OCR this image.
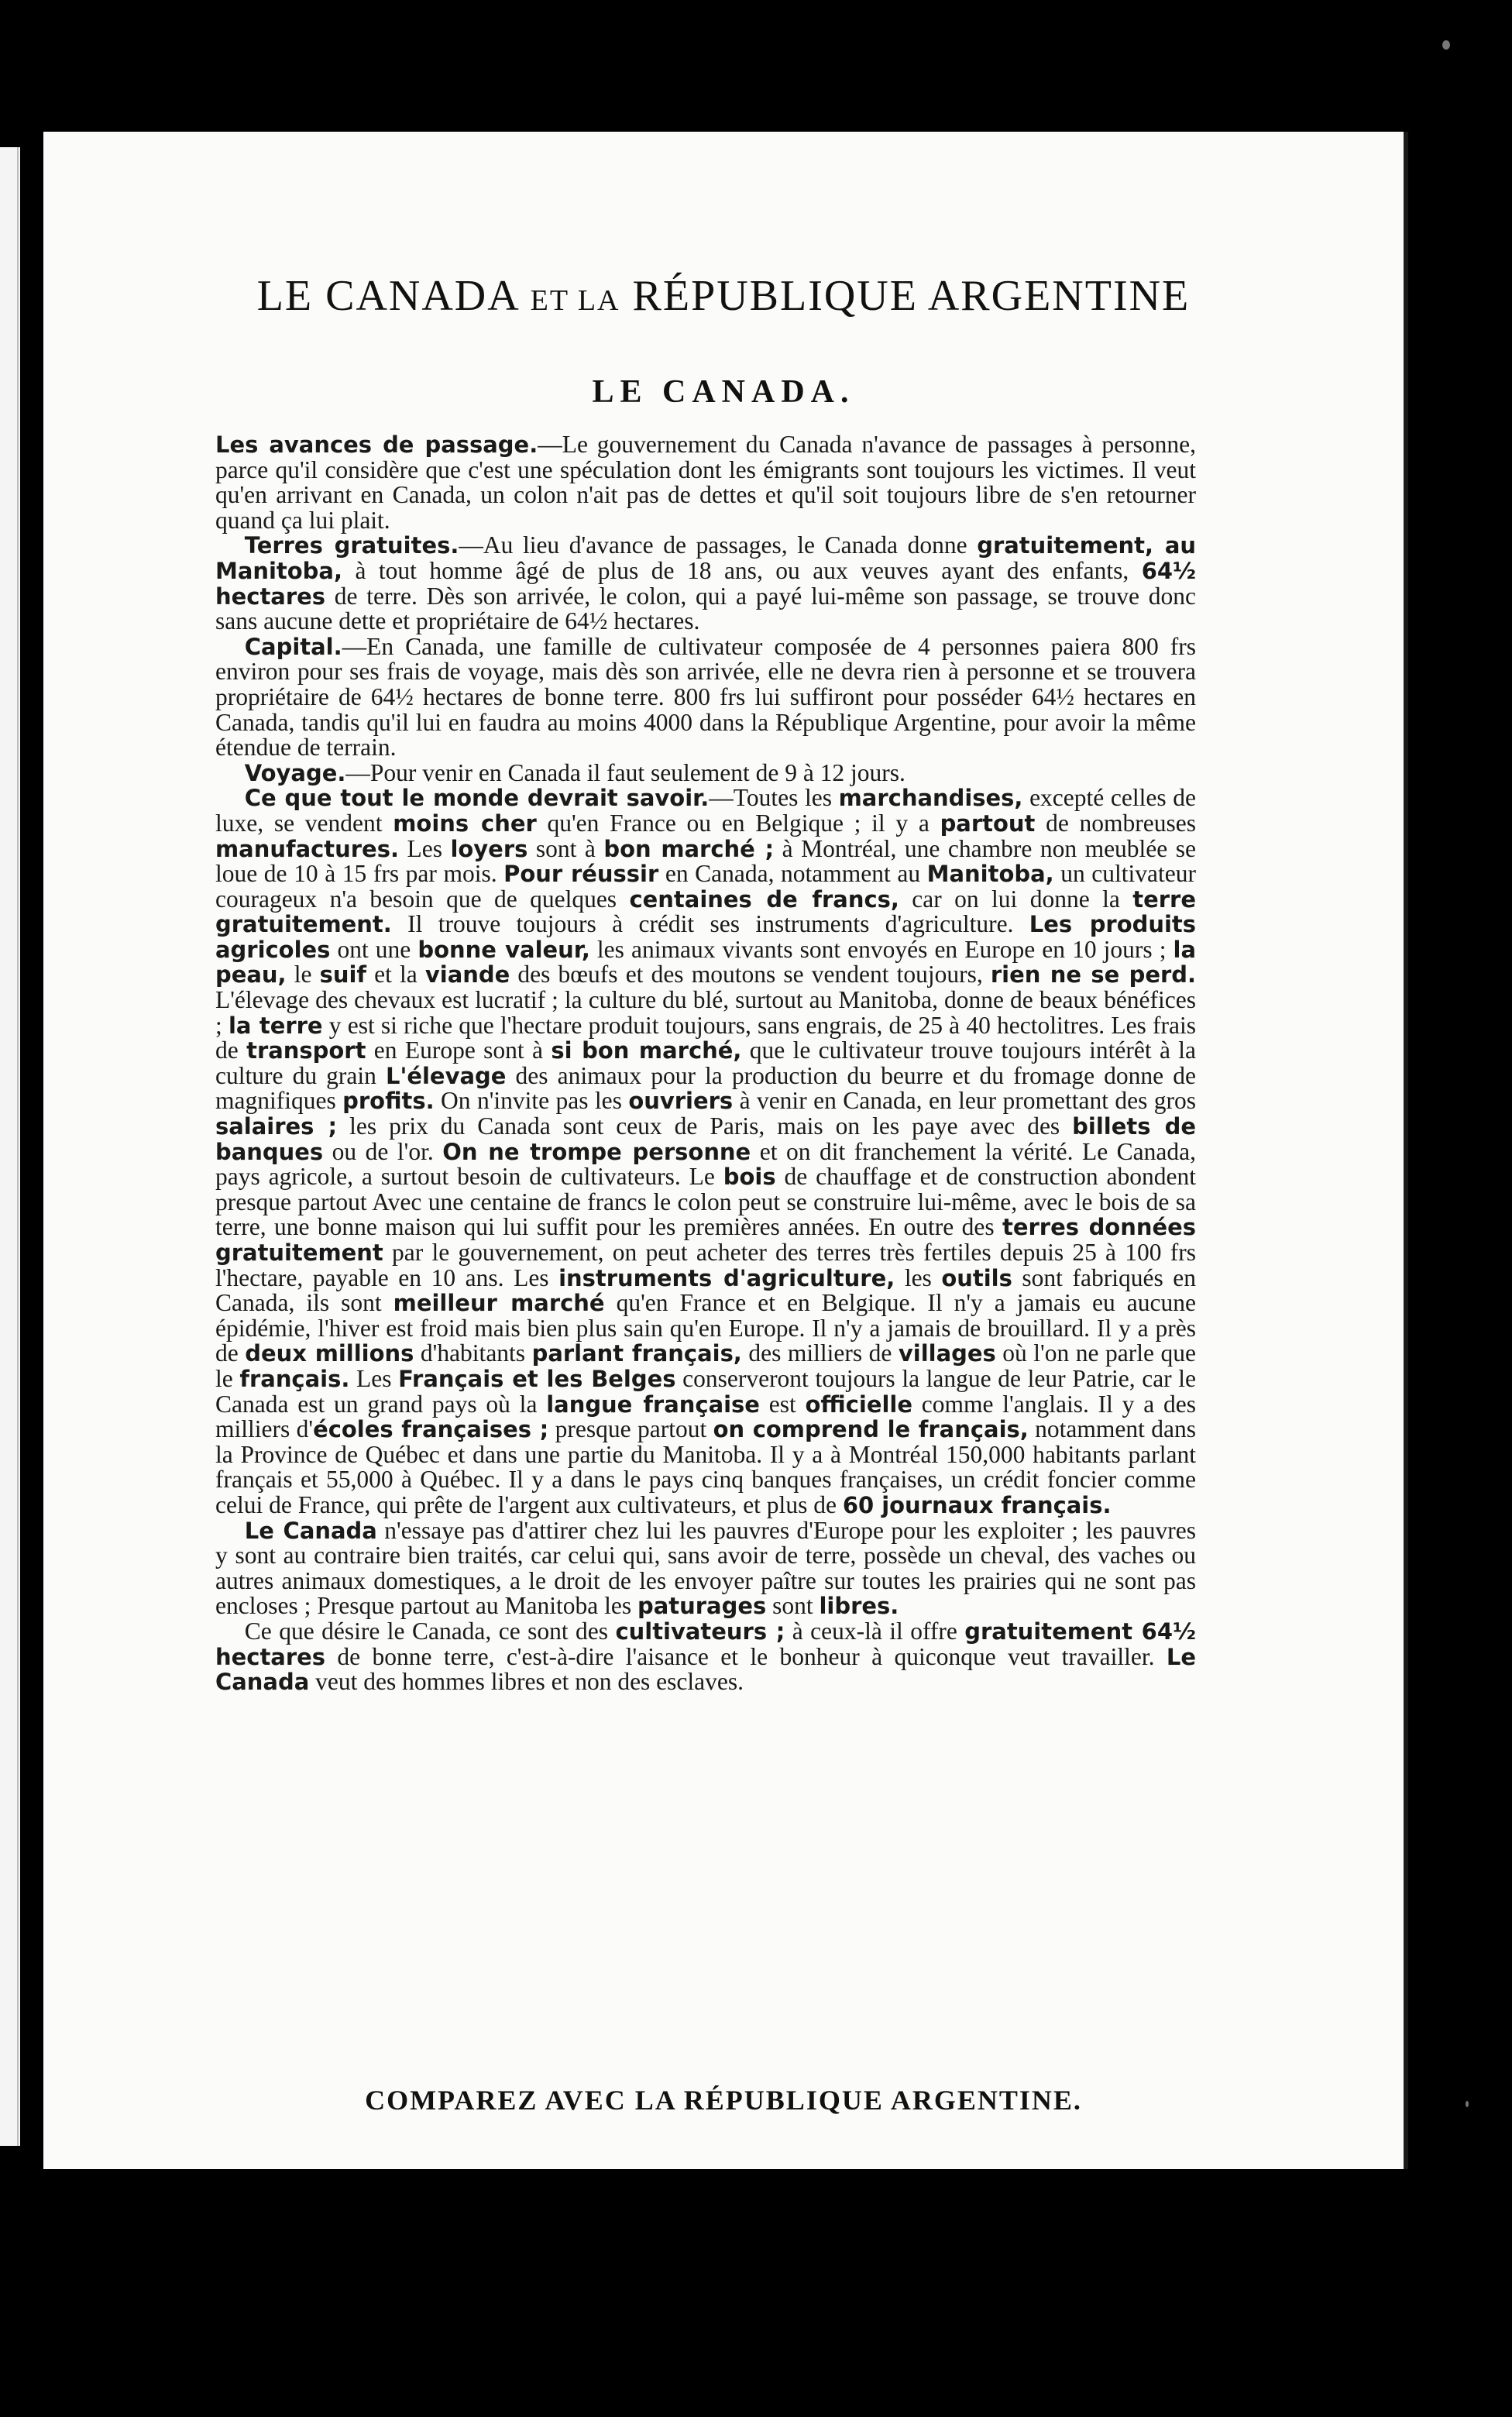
LE CANADA ET LA RÉPUBLIQUE ARGENTINE
LE CANADA.

Les avances de passage.—Le gouvernement du Canada n'avance de passages à personne, parce qu'il considère que c'est une spéculation dont les émigrants sont toujours les victimes. Il veut qu'en arrivant en Canada, un colon n'ait pas de dettes et qu'il soit toujours libre de s'en retourner quand ça lui plait.

Terres gratuites.—Au lieu d'avance de passages, le Canada donne gratuitement, au Manitoba, à tout homme âgé de plus de 18 ans, ou aux veuves ayant des enfants, 64½ hectares de terre. Dès son arrivée, le colon, qui a payé lui-même son passage, se trouve donc sans aucune dette et propriétaire de 64½ hectares.

Capital.—En Canada, une famille de cultivateur composée de 4 personnes paiera 800 frs environ pour ses frais de voyage, mais dès son arrivée, elle ne devra rien à personne et se trouvera propriétaire de 64½ hectares de bonne terre. 800 frs lui suffiront pour posséder 64½ hectares en Canada, tandis qu'il lui en faudra au moins 4000 dans la République Argentine, pour avoir la même étendue de terrain.

Voyage.—Pour venir en Canada il faut seulement de 9 à 12 jours.

Ce que tout le monde devrait savoir.—Toutes les marchandises, excepté celles de luxe, se vendent moins cher qu'en France ou en Belgique ; il y a partout de nombreuses manufactures. Les loyers sont à bon marché ; à Montréal, une chambre non meublée se loue de 10 à 15 frs par mois. Pour réussir en Canada, notamment au Manitoba, un cultivateur courageux n'a besoin que de quelques centaines de francs, car on lui donne la terre gratuitement. Il trouve toujours à crédit ses instruments d'agriculture. Les produits agricoles ont une bonne valeur, les animaux vivants sont envoyés en Europe en 10 jours ; la peau, le suif et la viande des bœufs et des moutons se vendent toujours, rien ne se perd. L'élevage des chevaux est lucratif ; la culture du blé, surtout au Manitoba, donne de beaux bénéfices ; la terre y est si riche que l'hectare produit toujours, sans engrais, de 25 à 40 hectolitres. Les frais de transport en Europe sont à si bon marché, que le cultivateur trouve toujours intérêt à la culture du grain L'élevage des animaux pour la production du beurre et du fromage donne de magnifiques profits. On n'invite pas les ouvriers à venir en Canada, en leur promettant des gros salaires ; les prix du Canada sont ceux de Paris, mais on les paye avec des billets de banques ou de l'or. On ne trompe personne et on dit franchement la vérité. Le Canada, pays agricole, a surtout besoin de cultivateurs. Le bois de chauffage et de construction abondent presque partout Avec une centaine de francs le colon peut se construire lui-même, avec le bois de sa terre, une bonne maison qui lui suffit pour les premières années. En outre des terres données gratuitement par le gouvernement, on peut acheter des terres très fertiles depuis 25 à 100 frs l'hectare, payable en 10 ans. Les instruments d'agriculture, les outils sont fabriqués en Canada, ils sont meilleur marché qu'en France et en Belgique. Il n'y a jamais eu aucune épidémie, l'hiver est froid mais bien plus sain qu'en Europe. Il n'y a jamais de brouillard. Il y a près de deux millions d'habitants parlant français, des milliers de villages où l'on ne parle que le français. Les Français et les Belges conserveront toujours la langue de leur Patrie, car le Canada est un grand pays où la langue française est officielle comme l'anglais. Il y a des milliers d'écoles françaises ; presque partout on comprend le français, notamment dans la Province de Québec et dans une partie du Manitoba. Il y a à Montréal 150,000 habitants parlant français et 55,000 à Québec. Il y a dans le pays cinq banques françaises, un crédit foncier comme celui de France, qui prête de l'argent aux cultivateurs, et plus de 60 journaux français.

Le Canada n'essaye pas d'attirer chez lui les pauvres d'Europe pour les exploiter ; les pauvres y sont au contraire bien traités, car celui qui, sans avoir de terre, possède un cheval, des vaches ou autres animaux domestiques, a le droit de les envoyer paître sur toutes les prairies qui ne sont pas encloses ; Presque partout au Manitoba les paturages sont libres.

Ce que désire le Canada, ce sont des cultivateurs ; à ceux-là il offre gratuitement 64½ hectares de bonne terre, c'est-à-dire l'aisance et le bonheur à quiconque veut travailler. Le Canada veut des hommes libres et non des esclaves.

COMPAREZ AVEC LA RÉPUBLIQUE ARGENTINE.
